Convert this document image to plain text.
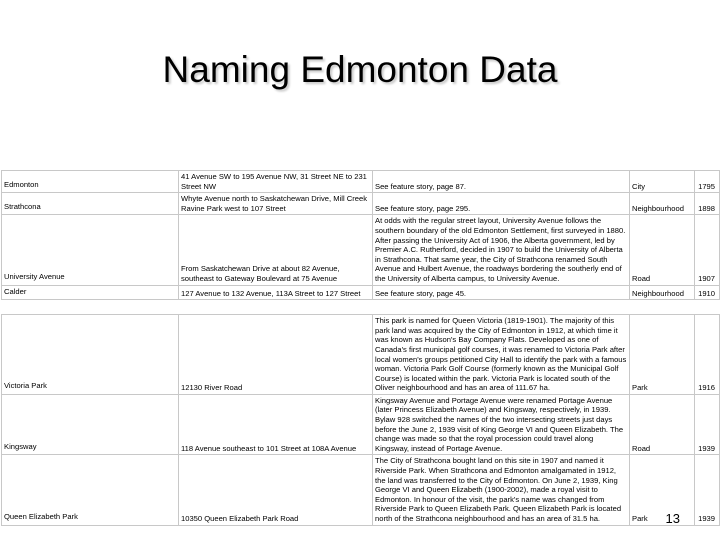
Naming Edmonton Data
Edmonton	41 Avenue SW to 195 Avenue NW, 31 Street NE to 231 Street NW	See feature story, page 87.	City	1795
Strathcona	Whyte Avenue north to Saskatchewan Drive, Mill Creek Ravine Park west to 107 Street	See feature story, page 295.	Neighbourhood	1898
University Avenue	From Saskatchewan Drive at about 82 Avenue, southeast to Gateway Boulevard at 75 Avenue	At odds with the regular street layout, University Avenue follows the southern boundary of the old Edmonton Settlement, first surveyed in 1880. After passing the University Act of 1906, the Alberta government, led by Premier A.C. Rutherford, decided in 1907 to build the University of Alberta in Strathcona. That same year, the City of Strathcona renamed South Avenue and Hulbert Avenue, the roadways bordering the southerly end of the University of Alberta campus, to University Avenue.	Road	1907
Calder	127 Avenue to 132 Avenue, 113A Street to 127 Street	See feature story, page 45.	Neighbourhood	1910

Victoria Park	12130 River Road	This park is named for Queen Victoria (1819-1901). The majority of this park land was acquired by the City of Edmonton in 1912, at which time it was known as Hudson's Bay Company Flats. Developed as one of Canada's first municipal golf courses, it was renamed to Victoria Park after local women's groups petitioned City Hall to identify the park with a famous woman. Victoria Park Golf Course (formerly known as the Municipal Golf Course) is located within the park. Victoria Park is located south of the Oliver neighbourhood and has an area of 111.67 ha.	Park	1916
Kingsway	118 Avenue southeast to 101 Street at 108A Avenue	Kingsway Avenue and Portage Avenue were renamed Portage Avenue (later Princess Elizabeth Avenue) and Kingsway, respectively, in 1939. Bylaw 928 switched the names of the two intersecting streets just days before the June 2, 1939 visit of King George VI and Queen Elizabeth. The change was made so that the royal procession could travel along Kingsway, instead of Portage Avenue.	Road	1939
Queen Elizabeth Park	10350 Queen Elizabeth Park Road	The City of Strathcona bought land on this site in 1907 and named it Riverside Park. When Strathcona and Edmonton amalgamated in 1912, the land was transferred to the City of Edmonton. On June 2, 1939, King George VI and Queen Elizabeth (1900-2002), made a royal visit to Edmonton. In honour of the visit, the park's name was changed from Riverside Park to Queen Elizabeth Park. Queen Elizabeth Park is located north of the Strathcona neighbourhood and has an area of 31.5 ha.	Park	1939
13
